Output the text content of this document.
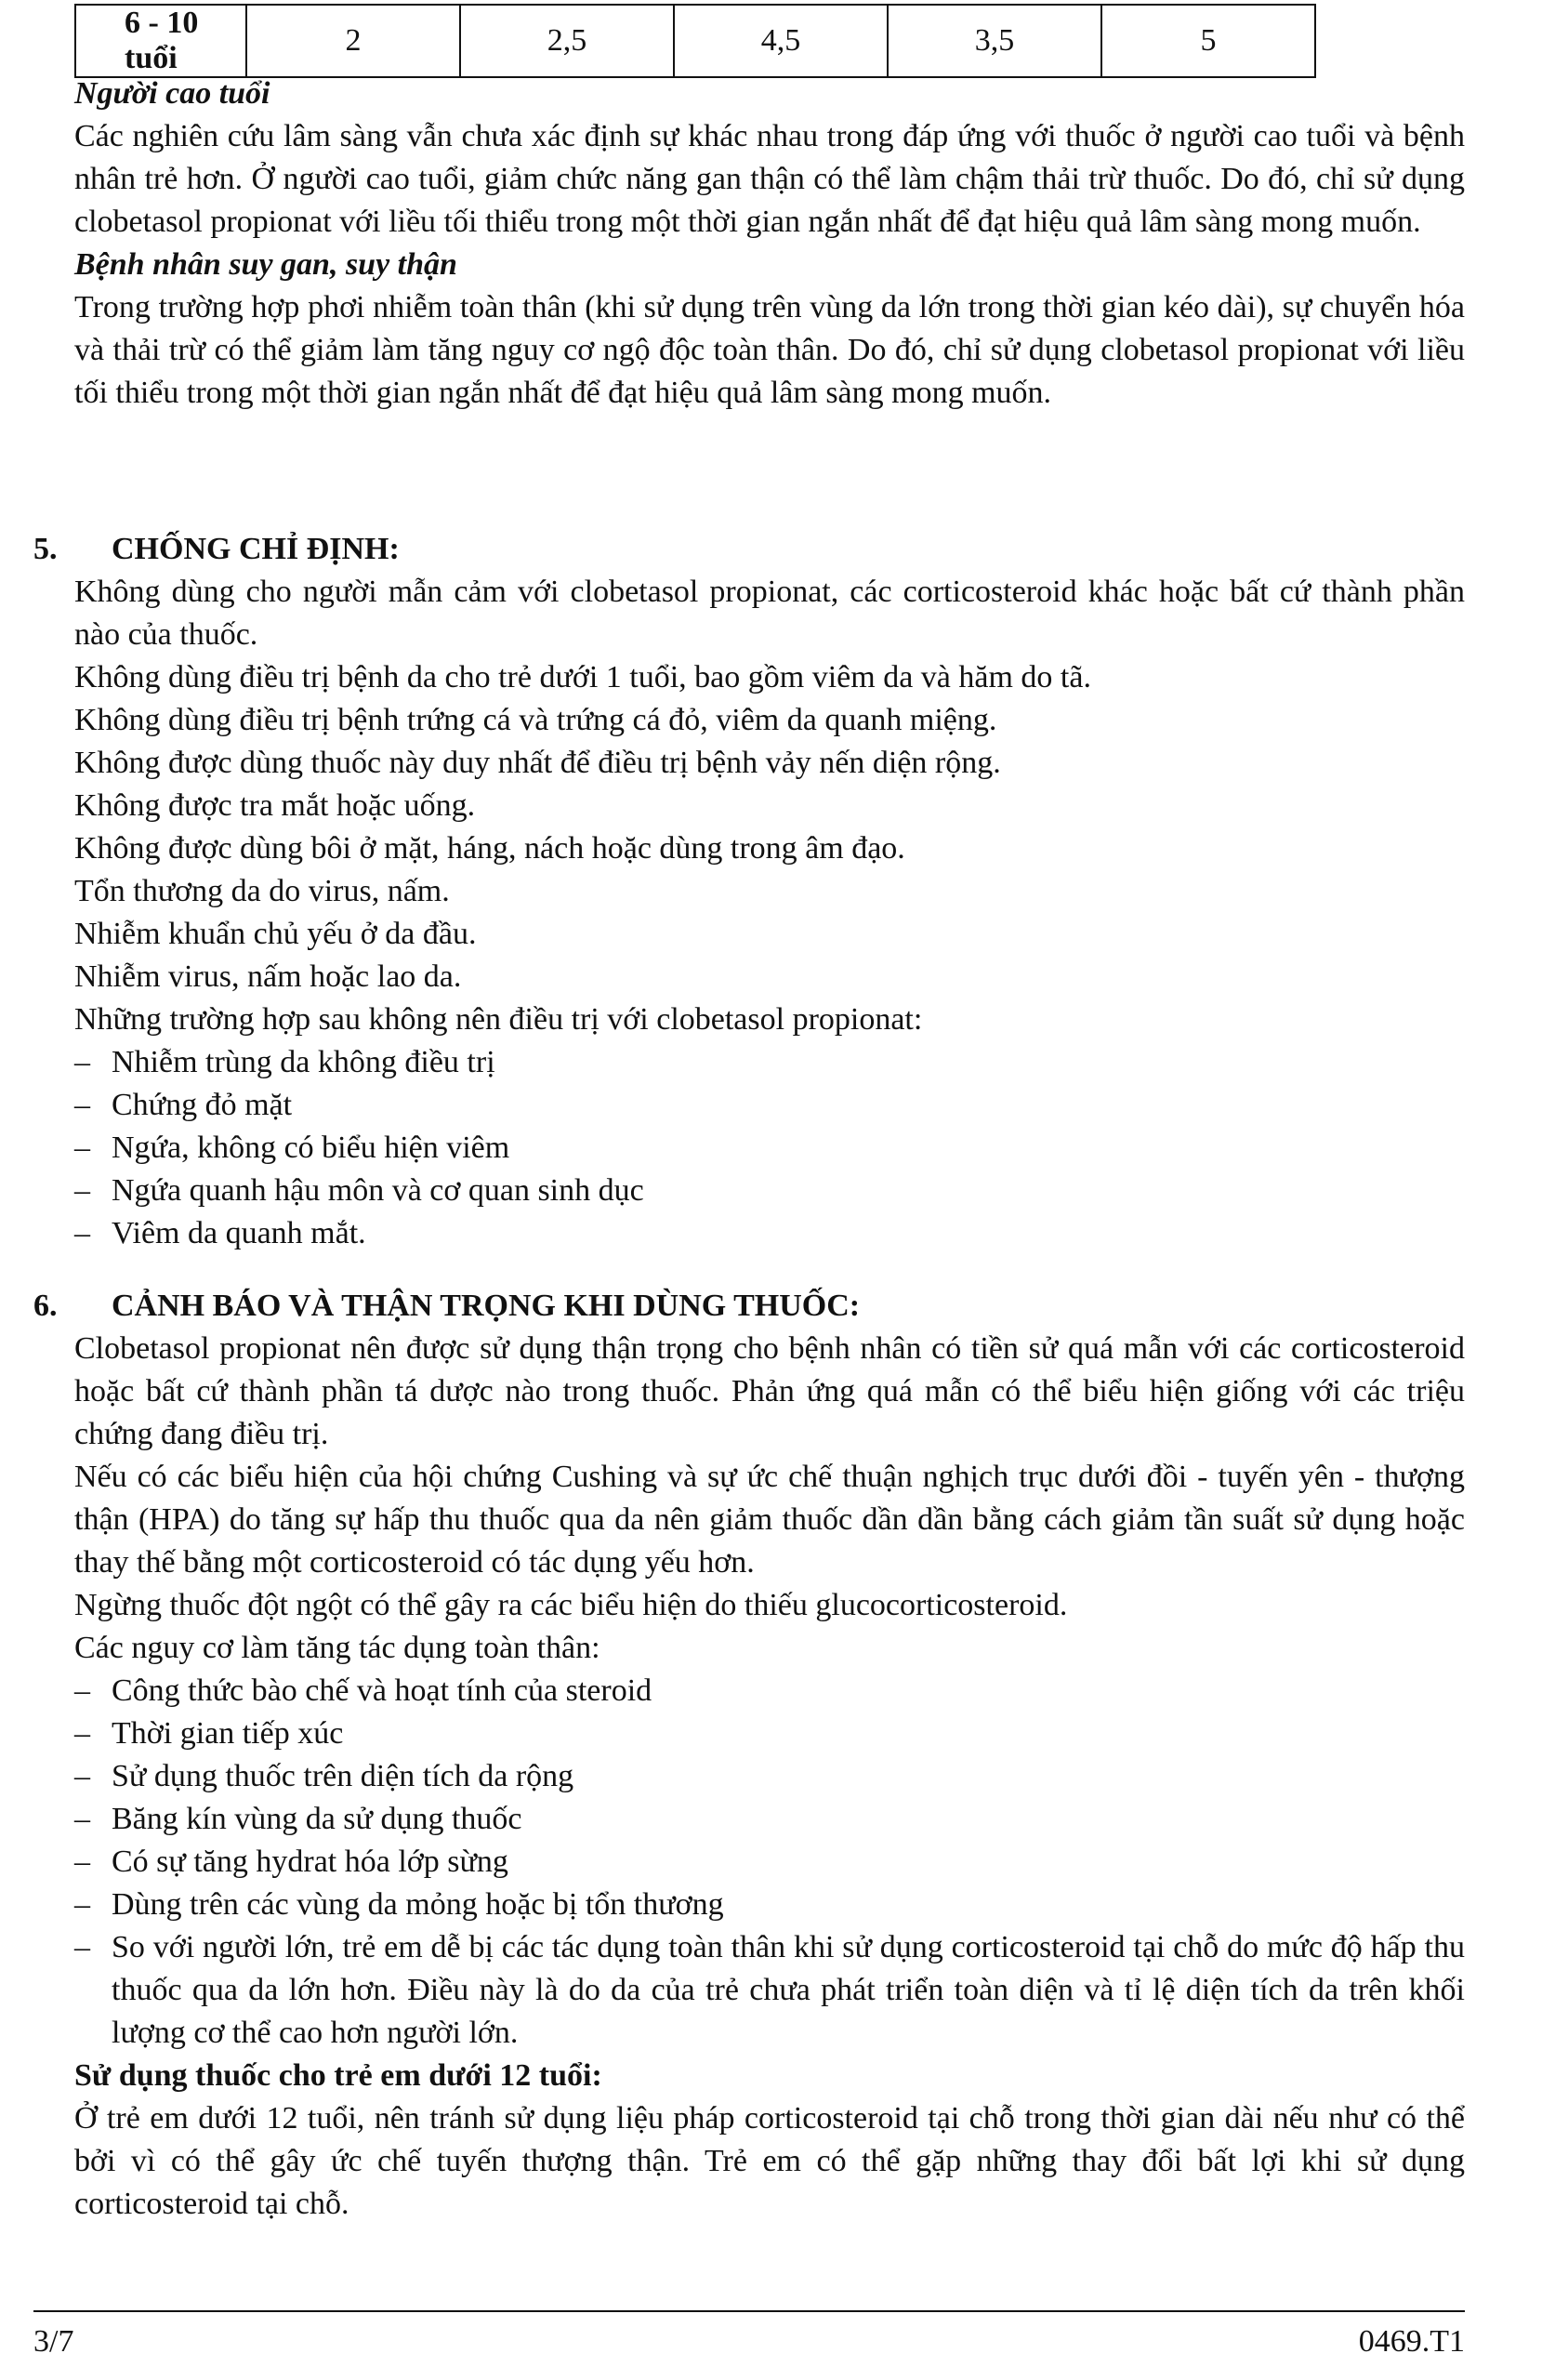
6 - 10 tuổi	2	2,5	4,5	3,5	5
Người cao tuổi

Các nghiên cứu lâm sàng vẫn chưa xác định sự khác nhau trong đáp ứng với thuốc ở người cao tuổi và bệnh nhân trẻ hơn. Ở người cao tuổi, giảm chức năng gan thận có thể làm chậm thải trừ thuốc. Do đó, chỉ sử dụng clobetasol propionat với liều tối thiểu trong một thời gian ngắn nhất để đạt hiệu quả lâm sàng mong muốn.

Bệnh nhân suy gan, suy thận

Trong trường hợp phơi nhiễm toàn thân (khi sử dụng trên vùng da lớn trong thời gian kéo dài), sự chuyển hóa và thải trừ có thể giảm làm tăng nguy cơ ngộ độc toàn thân. Do đó, chỉ sử dụng clobetasol propionat với liều tối thiểu trong một thời gian ngắn nhất để đạt hiệu quả lâm sàng mong muốn.

5. CHỐNG CHỈ ĐỊNH:
Không dùng cho người mẫn cảm với clobetasol propionat, các corticosteroid khác hoặc bất cứ thành phần nào của thuốc.
Không dùng điều trị bệnh da cho trẻ dưới 1 tuổi, bao gồm viêm da và hăm do tã.
Không dùng điều trị bệnh trứng cá và trứng cá đỏ, viêm da quanh miệng.
Không được dùng thuốc này duy nhất để điều trị bệnh vảy nến diện rộng.
Không được tra mắt hoặc uống.
Không được dùng bôi ở mặt, háng, nách hoặc dùng trong âm đạo.
Tổn thương da do virus, nấm.
Nhiễm khuẩn chủ yếu ở da đầu.
Nhiễm virus, nấm hoặc lao da.
Những trường hợp sau không nên điều trị với clobetasol propionat:
– Nhiễm trùng da không điều trị
– Chứng đỏ mặt
– Ngứa, không có biểu hiện viêm
– Ngứa quanh hậu môn và cơ quan sinh dục
– Viêm da quanh mắt.
6. CẢNH BÁO VÀ THẬN TRỌNG KHI DÙNG THUỐC:

Clobetasol propionat nên được sử dụng thận trọng cho bệnh nhân có tiền sử quá mẫn với các corticosteroid hoặc bất cứ thành phần tá dược nào trong thuốc. Phản ứng quá mẫn có thể biểu hiện giống với các triệu chứng đang điều trị.

Nếu có các biểu hiện của hội chứng Cushing và sự ức chế thuận nghịch trục dưới đồi - tuyến yên - thượng thận (HPA) do tăng sự hấp thu thuốc qua da nên giảm thuốc dần dần bằng cách giảm tần suất sử dụng hoặc thay thế bằng một corticosteroid có tác dụng yếu hơn.

Ngừng thuốc đột ngột có thể gây ra các biểu hiện do thiếu glucocorticosteroid.

Các nguy cơ làm tăng tác dụng toàn thân:

– Công thức bào chế và hoạt tính của steroid
– Thời gian tiếp xúc
– Sử dụng thuốc trên diện tích da rộng
– Băng kín vùng da sử dụng thuốc
– Có sự tăng hydrat hóa lớp sừng
– Dùng trên các vùng da mỏng hoặc bị tổn thương
– So với người lớn, trẻ em dễ bị các tác dụng toàn thân khi sử dụng corticosteroid tại chỗ do mức độ hấp thu thuốc qua da lớn hơn. Điều này là do da của trẻ chưa phát triển toàn diện và tỉ lệ diện tích da trên khối lượng cơ thể cao hơn người lớn.
Sử dụng thuốc cho trẻ em dưới 12 tuổi:

Ở trẻ em dưới 12 tuổi, nên tránh sử dụng liệu pháp corticosteroid tại chỗ trong thời gian dài nếu như có thể bởi vì có thể gây ức chế tuyến thượng thận. Trẻ em có thể gặp những thay đổi bất lợi khi sử dụng corticosteroid tại chỗ.

3/7	0469.T1
